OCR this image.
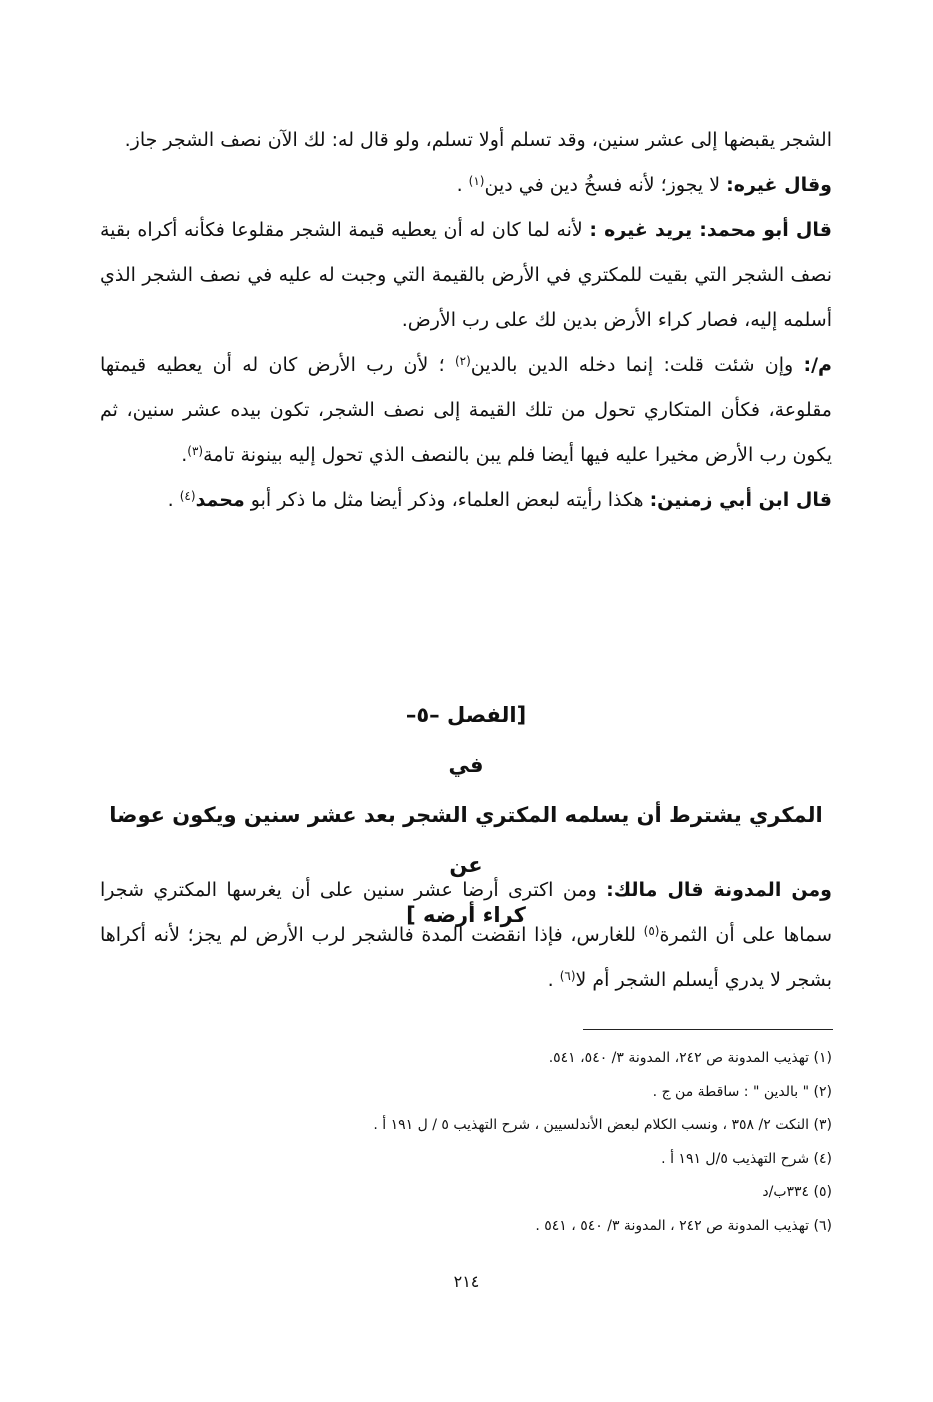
الشجر يقبضها إلى عشر سنين، وقد تسلم أولا تسلم، ولو قال له: لك الآن نصف الشجر جاز.

وقال غيره: لا يجوز؛ لأنه فسخُ دين في دين$^{(١)}$ .

قال أبو محمد: يريد غيره : لأنه لما كان له أن يعطيه قيمة الشجر مقلوعا فكأنه أكراه بقية نصف الشجر التي بقيت للمكتري في الأرض بالقيمة التي وجبت له عليه في نصف الشجر الذي أسلمه إليه، فصار كراء الأرض بدين لك على رب الأرض.

م/: وإن شئت قلت: إنما دخله الدين بالدين$^{(٢)}$ ؛ لأن رب الأرض كان له أن يعطيه قيمتها مقلوعة، فكأن المتكاري تحول من تلك القيمة إلى نصف الشجر، تكون بيده عشر سنين، ثم يكون رب الأرض مخيرا عليه فيها أيضا فلم يبن بالنصف الذي تحول إليه بينونة تامة$^{(٣)}$.

قال ابن أبي زمنين: هكذا رأيته لبعض العلماء، وذكر أيضا مثل ما ذكر أبو محمد$^{(٤)}$ .

[الفصل –٥–
في
المكري يشترط أن يسلمه المكتري الشجر بعد عشر سنين ويكون عوضا عن
كراء أرضه ]

ومن المدونة قال مالك: ومن اكترى أرضا عشر سنين على أن يغرسها المكتري شجرا سماها على أن الثمرة$^{(٥)}$ للغارس، فإذا انقضت المدة فالشجر لرب الأرض لم يجز؛ لأنه أكراها بشجر لا يدري أيسلم الشجر أم لا$^{(٦)}$ .

(١) تهذيب المدونة ص ٢٤٢، المدونة ٣/ ٥٤٠، ٥٤١.
(٢) " بالدين " : ساقطة من ج .
(٣) النكت ٢/ ٣٥٨ ، ونسب الكلام لبعض الأندلسيين ، شرح التهذيب ٥ / ل ١٩١ أ .
(٤) شرح التهذيب ٥/ل ١٩١ أ .
(٥) ٣٣٤ب/د
(٦) تهذيب المدونة ص ٢٤٢ ، المدونة ٣/ ٥٤٠ ، ٥٤١ .
٢١٤
